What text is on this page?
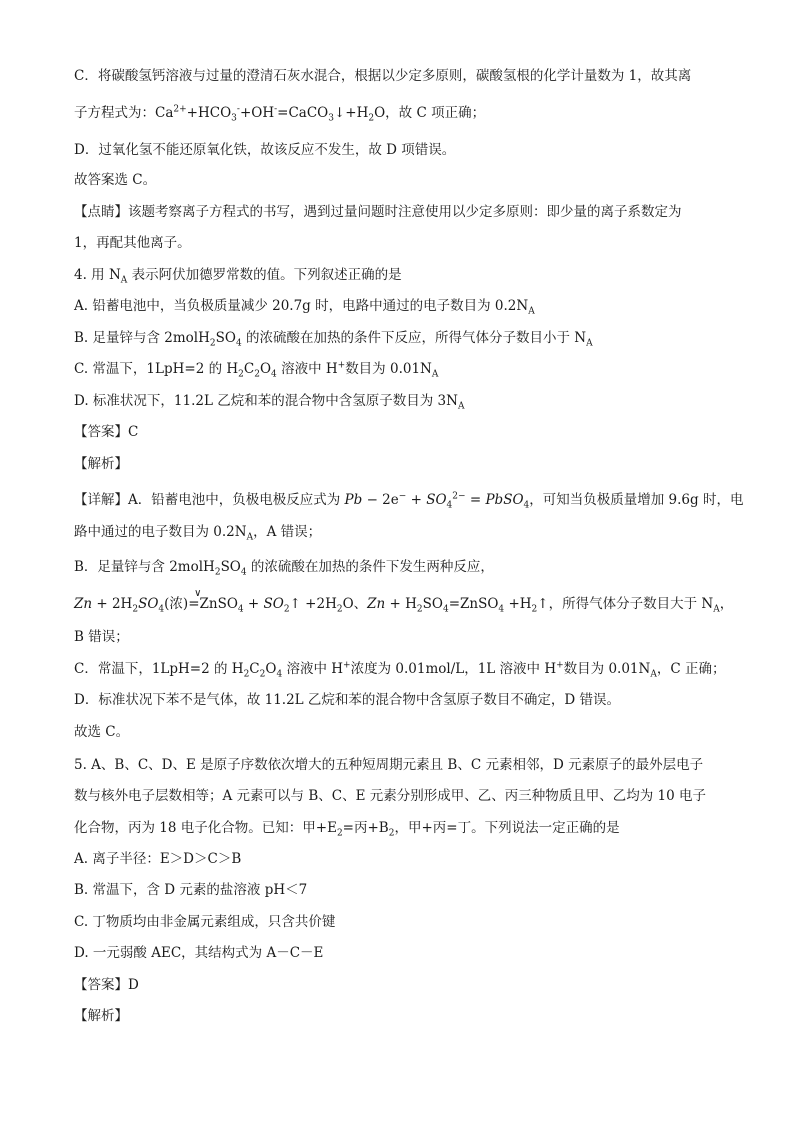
C．将碳酸氢钙溶液与过量的澄清石灰水混合，根据以少定多原则，碳酸氢根的化学计量数为 1，故其离
子方程式为：$Ca^{2+}+HCO_3^-+OH^-=CaCO_3↓+H_2O$，故 C 项正确；
D．过氧化氢不能还原氧化铁，故该反应不发生，故 D 项错误。
故答案选 C。
【点睛】该题考察离子方程式的书写，遇到过量问题时注意使用以少定多原则：即少量的离子系数定为
1，再配其他离子。
4. 用 $N_A$ 表示阿伏加德罗常数的值。下列叙述正确的是
A. 铅蓄电池中，当负极质量减少 20.7g 时，电路中通过的电子数目为 $0.2N_A$
B. 足量锌与含 $2molH_2SO_4$ 的浓硫酸在加热的条件下反应，所得气体分子数目小于 $N_A$
C. 常温下，1LpH=2 的 $H_2C_2O_4$ 溶液中 H+数目为 $0.01N_A$
D. 标准状况下，11.2L 乙烷和苯的混合物中含氢原子数目为 $3N_A$
【答案】C
【解析】
【详解】A．铅蓄电池中，负极电极反应式为 $Pb - 2e^- + SO_4^{2-}$ = PbSO$_4$，可知当负极质量增加 9.6g 时，电
路中通过的电子数目为 $0.2N_A$，A 错误；
B．足量锌与含 $2molH_2SO_4$ 的浓硫酸在加热的条件下发生两种反应，
$Zn + 2H_2SO_4$(浓)
∨
=ZnSO$_4$ + $SO_2↑ +2H_2O$、$Zn + H_2SO_4=ZnSO_4$ $+H_2↑$，所得气体分子数目大于 $N_A$，
B 错误；
C．常温下，1LpH=2 的 $H_2C_2O_4$ 溶液中 H+浓度为 0.01mol/L，1L 溶液中 H+数目为 $0.01N_A$，C 正确；
D．标准状况下苯不是气体，故 11.2L 乙烷和苯的混合物中含氢原子数目不确定，D 错误。
故选 C。
5. A、B、C、D、E 是原子序数依次增大的五种短周期元素且 B、C 元素相邻，D 元素原子的最外层电子
数与核外电子层数相等；A 元素可以与 B、C、E 元素分别形成甲、乙、丙三种物质且甲、乙均为 10 电子
化合物，丙为 18 电子化合物。已知：甲$+E_2=$丙$+B_2$，甲+丙=丁。下列说法一定正确的是
A. 离子半径：E＞D＞C＞B
B. 常温下，含 D 元素的盐溶液 pH＜7
C. 丁物质均由非金属元素组成，只含共价键
D. 一元弱酸 AEC，其结构式为 A－C－E
【答案】D
【解析】
